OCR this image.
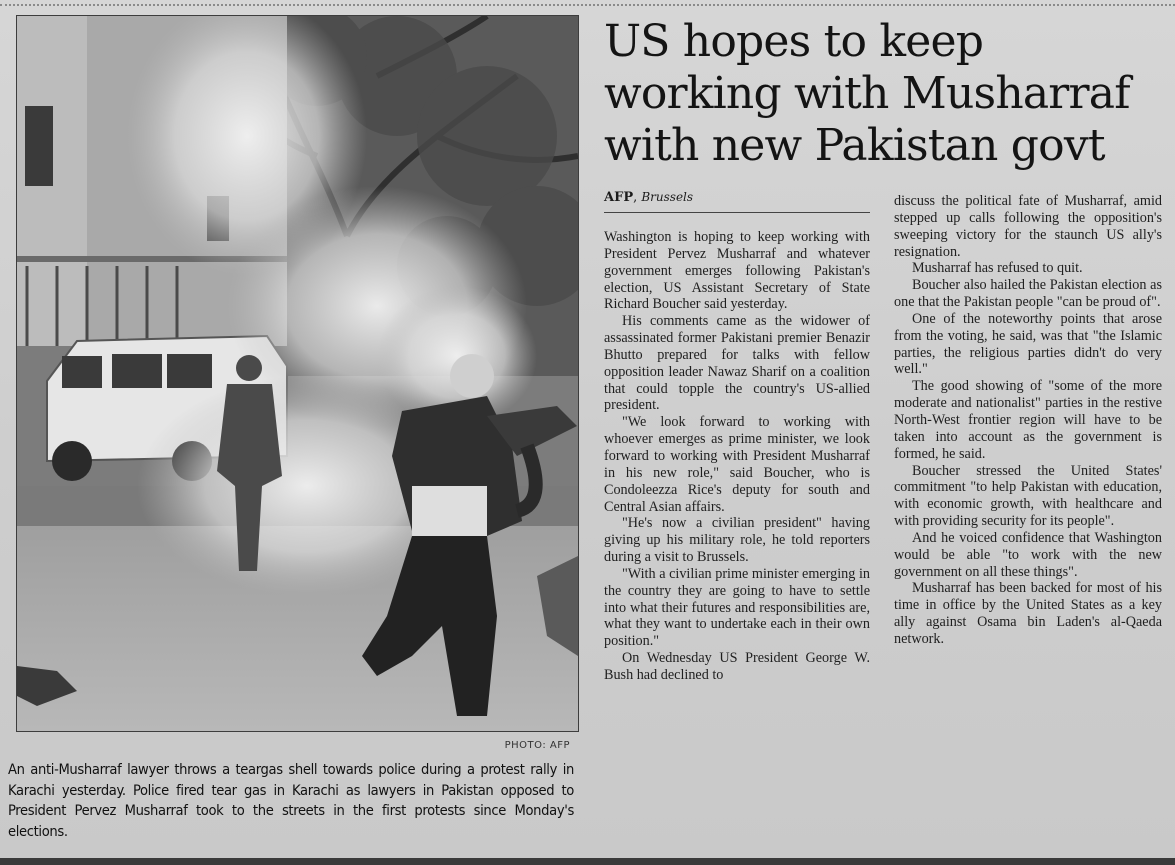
PHOTO: AFP
An anti-Musharraf lawyer throws a teargas shell towards police during a protest rally in Karachi yesterday. Police fired tear gas in Karachi as lawyers in Pakistan opposed to President Pervez Musharraf took to the streets in the first protests since Monday's elections.
US hopes to keep working with Musharraf with new Pakistan govt
AFP, Brussels

Washington is hoping to keep working with President Pervez Musharraf and whatever government emerges following Pakistan's election, US Assistant Secretary of State Richard Boucher said yesterday.

His comments came as the widower of assassinated former Pakistani premier Benazir Bhutto prepared for talks with fellow opposition leader Nawaz Sharif on a coalition that could topple the country's US-allied president.

"We look forward to working with whoever emerges as prime minister, we look forward to working with President Musharraf in his new role," said Boucher, who is Condoleezza Rice's deputy for south and Central Asian affairs.

"He's now a civilian president" having giving up his military role, he told reporters during a visit to Brussels.

"With a civilian prime minister emerging in the country they are going to have to settle into what their futures and responsibilities are, what they want to undertake each in their own position."

On Wednesday US President George W. Bush had declined to

discuss the political fate of Musharraf, amid stepped up calls following the opposition's sweeping victory for the staunch US ally's resignation.

Musharraf has refused to quit.

Boucher also hailed the Pakistan election as one that the Pakistan people "can be proud of".

One of the noteworthy points that arose from the voting, he said, was that "the Islamic parties, the religious parties didn't do very well."

The good showing of "some of the more moderate and nationalist" parties in the restive North-West frontier region will have to be taken into account as the government is formed, he said.

Boucher stressed the United States' commitment "to help Pakistan with education, with economic growth, with healthcare and with providing security for its people".

And he voiced confidence that Washington would be able "to work with the new government on all these things".

Musharraf has been backed for most of his time in office by the United States as a key ally against Osama bin Laden's al-Qaeda network.
